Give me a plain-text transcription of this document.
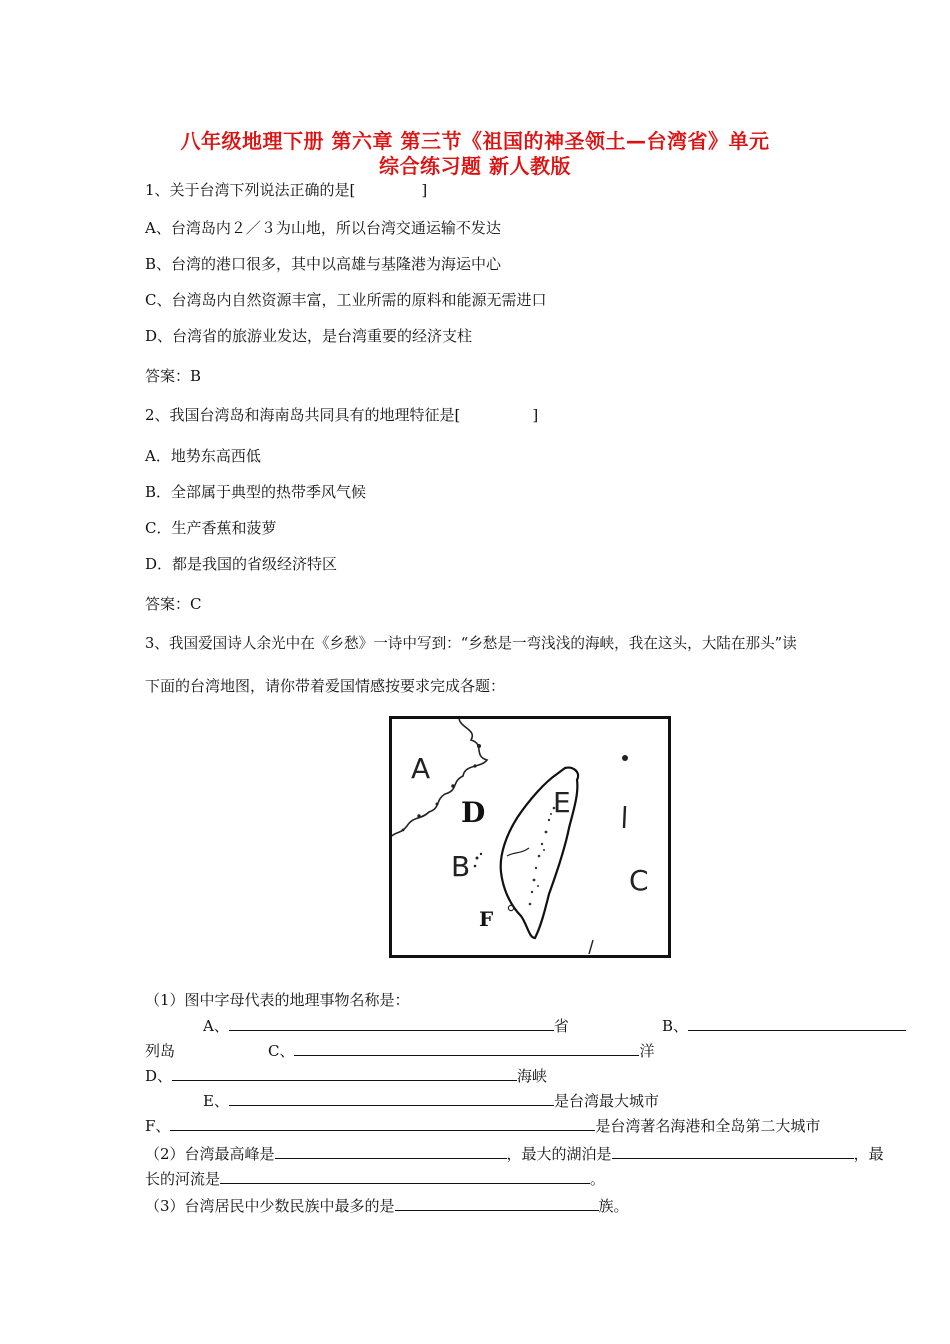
八年级地理下册 第六章 第三节《祖国的神圣领土—台湾省》单元
综合练习题 新人教版
1、关于台湾下列说法正确的是[	]
A、台湾岛内２／３为山地，所以台湾交通运输不发达
B、台湾的港口很多，其中以高雄与基隆港为海运中心
C、台湾岛内自然资源丰富，工业所需的原料和能源无需进口
D、台湾省的旅游业发达，是台湾重要的经济支柱
答案：B
2、我国台湾岛和海南岛共同具有的地理特征是[	]
A．地势东高西低
B．全部属于典型的热带季风气候
C．生产香蕉和菠萝
D．都是我国的省级经济特区
答案：C
3、我国爱国诗人余光中在《乡愁》一诗中写到：“乡愁是一弯浅浅的海峡，我在这头，大陆在那头”读
下面的台湾地图，请你带着爱国情感按要求完成各题：
A
D
B
E
C
F
（1）图中字母代表的地理事物名称是：
A、	省	B、
列岛	C、	洋
D、	海峡
E、	是台湾最大城市
F、	是台湾著名海港和全岛第二大城市
（2）台湾最高峰是	，最大的湖泊是	，最
长的河流是	。
（3）台湾居民中少数民族中最多的是	族。
